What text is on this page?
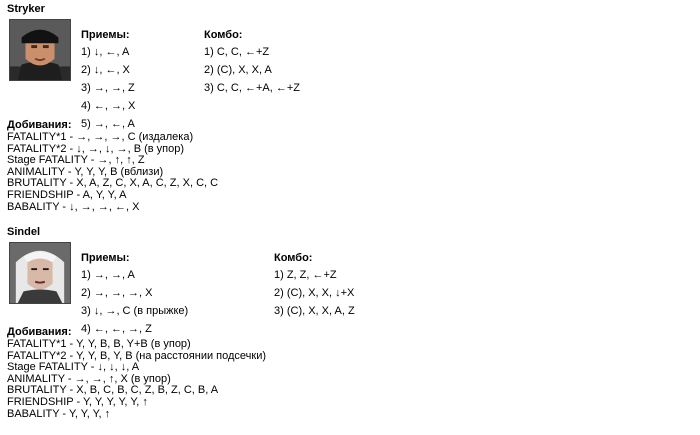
Stryker
Приемы:
1) ↓, ←, A
2) ↓, ←, X
3) →, →, Z
4) ←, →, X
5) →, ←, A
Комбо:
1) C, C, ←+Z
2) (C), X, X, A
3) C, C, ←+A, ←+Z
Добивания:
FATALITY*1 - →, →, →, C (издалека)
FATALITY*2 - ↓, →, ↓, →, B (в упор)
Stage FATALITY - →, ↑, ↑, Z
ANIMALITY - Y, Y, Y, B (вблизи)
BRUTALITY - X, A, Z, C, X, A, C, Z, X, C, C
FRIENDSHIP - A, Y, Y, A
BABALITY - ↓, →, →, ←, X
Sindel
Приемы:
1) →, →, A
2) →, →, →, X
3) ↓, →, C (в прыжке)
4) ←, ←, →, Z
Комбо:
1) Z, Z, ←+Z
2) (C), X, X, ↓+X
3) (C), X, X, A, Z
Добивания:
FATALITY*1 - Y, Y, B, B, Y+B (в упор)
FATALITY*2 - Y, Y, B, Y, B (на расстоянии подсечки)
Stage FATALITY - ↓, ↓, ↓, A
ANIMALITY - →, →, ↑, X (в упор)
BRUTALITY - X, B, C, B, C, Z, B, Z, C, B, A
FRIENDSHIP - Y, Y, Y, Y, Y, ↑
BABALITY - Y, Y, Y, ↑
